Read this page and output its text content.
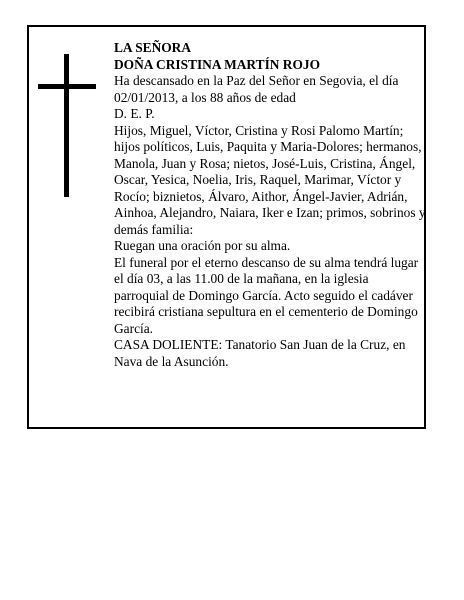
LA SEÑORA

DOÑA CRISTINA MARTÍN ROJO

Ha descansado en la Paz del Señor en Segovia, el día 02/01/2013, a los 88 años de edad

D. E. P.

Hijos, Miguel, Víctor, Cristina y Rosi Palomo Martín; hijos políticos, Luis, Paquita y Maria-Dolores; hermanos, Manola, Juan y Rosa; nietos, José-Luis, Cristina, Ángel, Oscar, Yesica, Noelia, Iris, Raquel, Marimar, Víctor y Rocío; biznietos, Álvaro, Aithor, Ángel-Javier, Adrián, Ainhoa, Alejandro, Naiara, Iker e Izan; primos, sobrinos y demás familia:

Ruegan una oración por su alma.

El funeral por el eterno descanso de su alma tendrá lugar el día 03, a las 11.00 de la mañana, en la iglesia parroquial de Domingo García. Acto seguido el cadáver recibirá cristiana sepultura en el cementerio de Domingo García.

CASA DOLIENTE: Tanatorio San Juan de la Cruz, en Nava de la Asunción.
